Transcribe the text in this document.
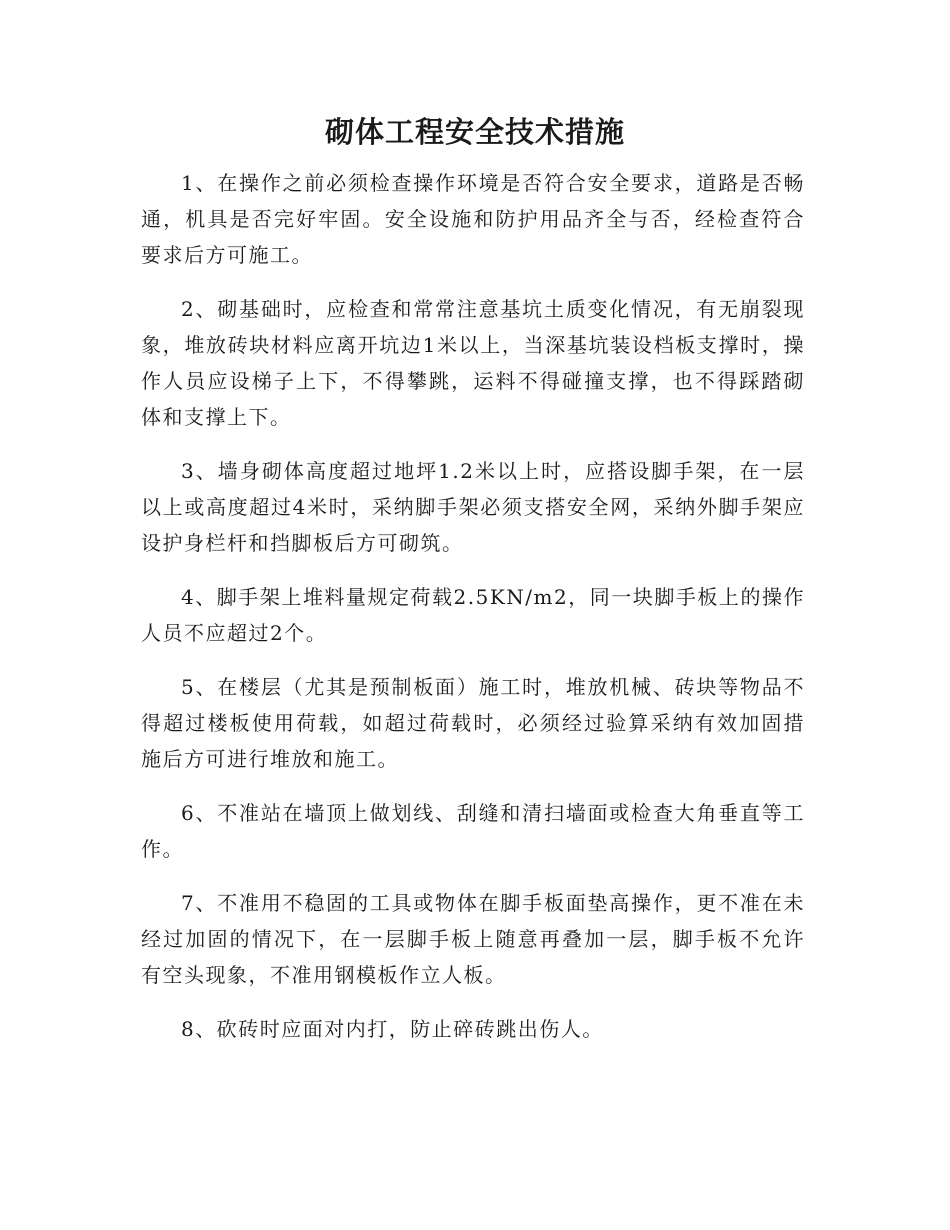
砌体工程安全技术措施

1、在操作之前必须检查操作环境是否符合安全要求，道路是否畅通，机具是否完好牢固。安全设施和防护用品齐全与否，经检查符合要求后方可施工。

2、砌基础时，应检查和常常注意基坑土质变化情况，有无崩裂现象，堆放砖块材料应离开坑边1米以上，当深基坑装设档板支撑时，操作人员应设梯子上下，不得攀跳，运料不得碰撞支撑，也不得踩踏砌体和支撑上下。

3、墙身砌体高度超过地坪1.2米以上时，应搭设脚手架，在一层以上或高度超过4米时，采纳脚手架必须支搭安全网，采纳外脚手架应设护身栏杆和挡脚板后方可砌筑。

4、脚手架上堆料量规定荷载2.5KN/m2，同一块脚手板上的操作人员不应超过2个。

5、在楼层（尤其是预制板面）施工时，堆放机械、砖块等物品不得超过楼板使用荷载，如超过荷载时，必须经过验算采纳有效加固措施后方可进行堆放和施工。

6、不准站在墙顶上做划线、刮缝和清扫墙面或检查大角垂直等工作。

7、不准用不稳固的工具或物体在脚手板面垫高操作，更不准在未经过加固的情况下，在一层脚手板上随意再叠加一层，脚手板不允许有空头现象，不准用钢模板作立人板。

8、砍砖时应面对内打，防止碎砖跳出伤人。
